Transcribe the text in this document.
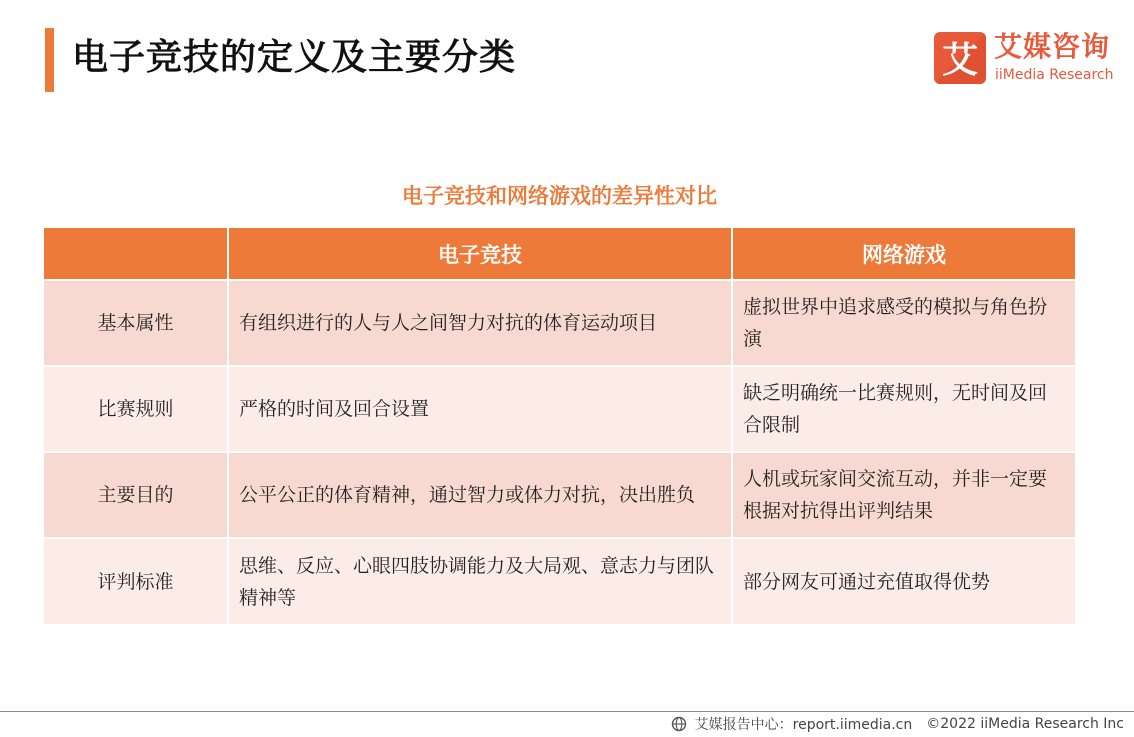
电子竞技的定义及主要分类	艾 艾媒咨询
iiMedia Research
电子竞技和网络游戏的差异性对比
	电子竞技	网络游戏
基本属性	有组织进行的人与人之间智力对抗的体育运动项目	虚拟世界中追求感受的模拟与角色扮演
比赛规则	严格的时间及回合设置	缺乏明确统一比赛规则，无时间及回合限制
主要目的	公平公正的体育精神，通过智力或体力对抗，决出胜负	人机或玩家间交流互动，并非一定要根据对抗得出评判结果
评判标准	思维、反应、心眼四肢协调能力及大局观、意志力与团队精神等	部分网友可通过充值取得优势
艾媒报告中心：report.iimedia.cn ©2022 iiMedia Research Inc
